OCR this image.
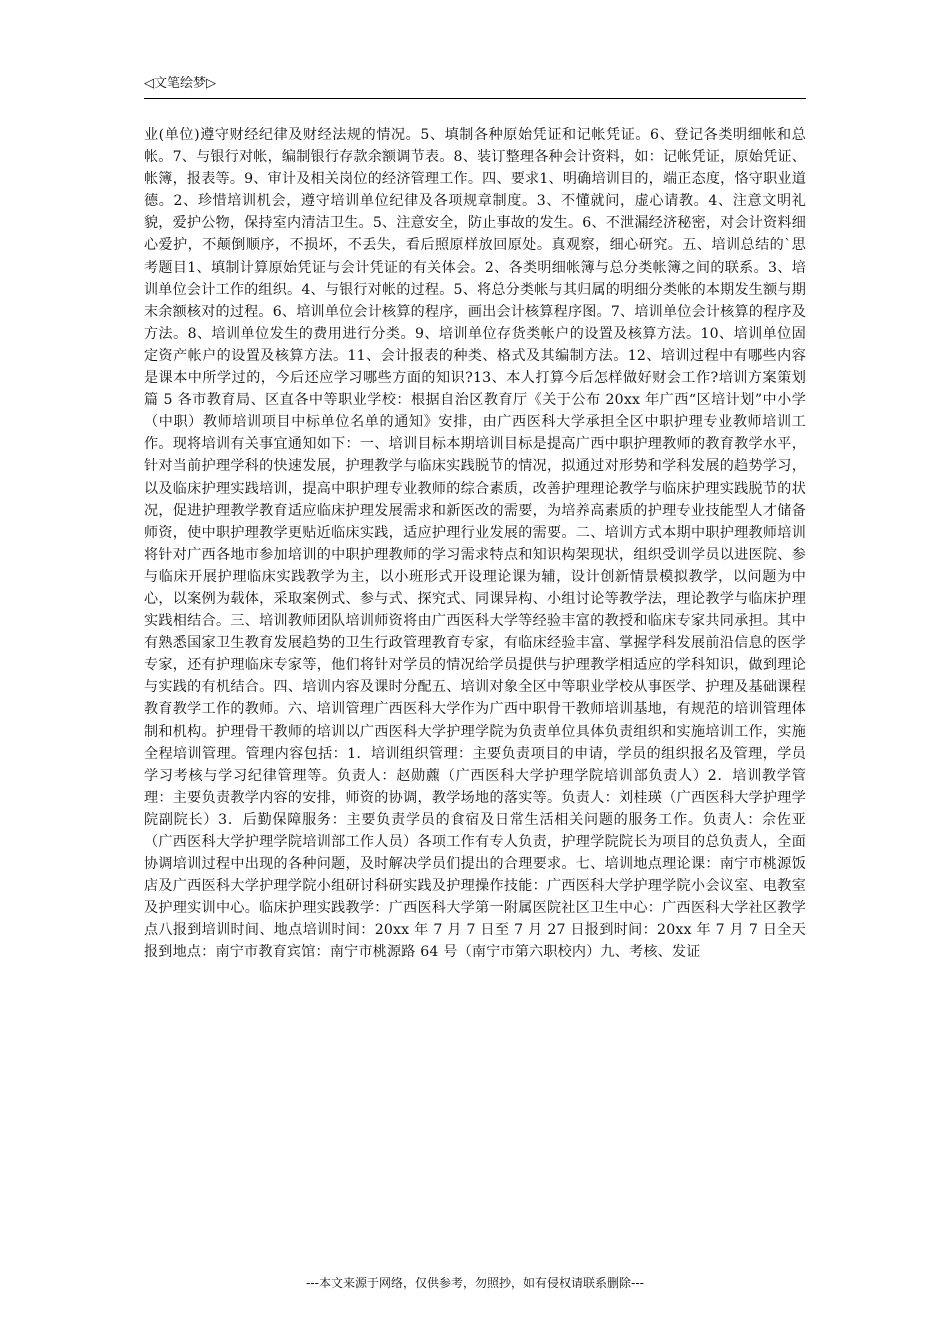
◁文笔绘梦▷

业(单位)遵守财经纪律及财经法规的情况。5、填制各种原始凭证和记帐凭证。6、登记各类明细帐和总帐。7、与银行对帐，编制银行存款余额调节表。8、装订整理各种会计资料，如：记帐凭证，原始凭证、帐簿，报表等。9、审计及相关岗位的经济管理工作。四、要求1、明确培训目的，端正态度，恪守职业道德。2、珍惜培训机会，遵守培训单位纪律及各项规章制度。3、不懂就问，虚心请教。4、注意文明礼貌，爱护公物，保持室内清洁卫生。5、注意安全，防止事故的发生。6、不泄漏经济秘密，对会计资料细心爱护，不颠倒顺序，不损坏，不丢失，看后照原样放回原处。真观察，细心研究。五、培训总结的`思考题目1、填制计算原始凭证与会计凭证的有关体会。2、各类明细帐簿与总分类帐簿之间的联系。3、培训单位会计工作的组织。4、与银行对帐的过程。5、将总分类帐与其归属的明细分类帐的本期发生额与期末余额核对的过程。6、培训单位会计核算的程序，画出会计核算程序图。7、培训单位会计核算的程序及方法。8、培训单位发生的费用进行分类。9、培训单位存货类帐户的设置及核算方法。10、培训单位固定资产帐户的设置及核算方法。11、会计报表的种类、格式及其编制方法。12、培训过程中有哪些内容是课本中所学过的，今后还应学习哪些方面的知识?13、本人打算今后怎样做好财会工作?培训方案策划篇 5 各市教育局、区直各中等职业学校：根据自治区教育厅《关于公布 20xx 年广西“区培计划”中小学（中职）教师培训项目中标单位名单的通知》安排，由广西医科大学承担全区中职护理专业教师培训工作。现将培训有关事宜通知如下：一、培训目标本期培训目标是提高广西中职护理教师的教育教学水平，针对当前护理学科的快速发展，护理教学与临床实践脱节的情况，拟通过对形势和学科发展的趋势学习，以及临床护理实践培训，提高中职护理专业教师的综合素质，改善护理理论教学与临床护理实践脱节的状况，促进护理教学教育适应临床护理发展需求和新医改的需要，为培养高素质的护理专业技能型人才储备师资，使中职护理教学更贴近临床实践，适应护理行业发展的需要。二、培训方式本期中职护理教师培训将针对广西各地市参加培训的中职护理教师的学习需求特点和知识构架现状，组织受训学员以进医院、参与临床开展护理临床实践教学为主，以小班形式开设理论课为辅，设计创新情景模拟教学，以问题为中心，以案例为载体，采取案例式、参与式、探究式、同课异构、小组讨论等教学法，理论教学与临床护理实践相结合。三、培训教师团队培训师资将由广西医科大学等经验丰富的教授和临床专家共同承担。其中有熟悉国家卫生教育发展趋势的卫生行政管理教育专家，有临床经验丰富、掌握学科发展前沿信息的医学专家，还有护理临床专家等，他们将针对学员的情况给学员提供与护理教学相适应的学科知识，做到理论与实践的有机结合。四、培训内容及课时分配五、培训对象全区中等职业学校从事医学、护理及基础课程教育教学工作的教师。六、培训管理广西医科大学作为广西中职骨干教师培训基地，有规范的培训管理体制和机构。护理骨干教师的培训以广西医科大学护理学院为负责单位具体负责组织和实施培训工作，实施全程培训管理。管理内容包括：1．培训组织管理：主要负责项目的申请，学员的组织报名及管理，学员学习考核与学习纪律管理等。负责人：赵勋藨（广西医科大学护理学院培训部负责人）2．培训教学管理：主要负责教学内容的安排，师资的协调，教学场地的落实等。负责人：刘桂瑛（广西医科大学护理学院副院长）3．后勤保障服务：主要负责学员的食宿及日常生活相关问题的服务工作。负责人：佘佐亚（广西医科大学护理学院培训部工作人员）各项工作有专人负责，护理学院院长为项目的总负责人，全面协调培训过程中出现的各种问题，及时解决学员们提出的合理要求。七、培训地点理论课：南宁市桃源饭店及广西医科大学护理学院小组研讨科研实践及护理操作技能：广西医科大学护理学院小会议室、电教室及护理实训中心。临床护理实践教学：广西医科大学第一附属医院社区卫生中心：广西医科大学社区教学点八报到培训时间、地点培训时间：20xx 年 7 月 7 日至 7 月 27 日报到时间：20xx 年 7 月 7 日全天报到地点：南宁市教育宾馆：南宁市桃源路 64 号（南宁市第六职校内）九、考核、发证

---本文来源于网络，仅供参考，勿照抄，如有侵权请联系删除---
